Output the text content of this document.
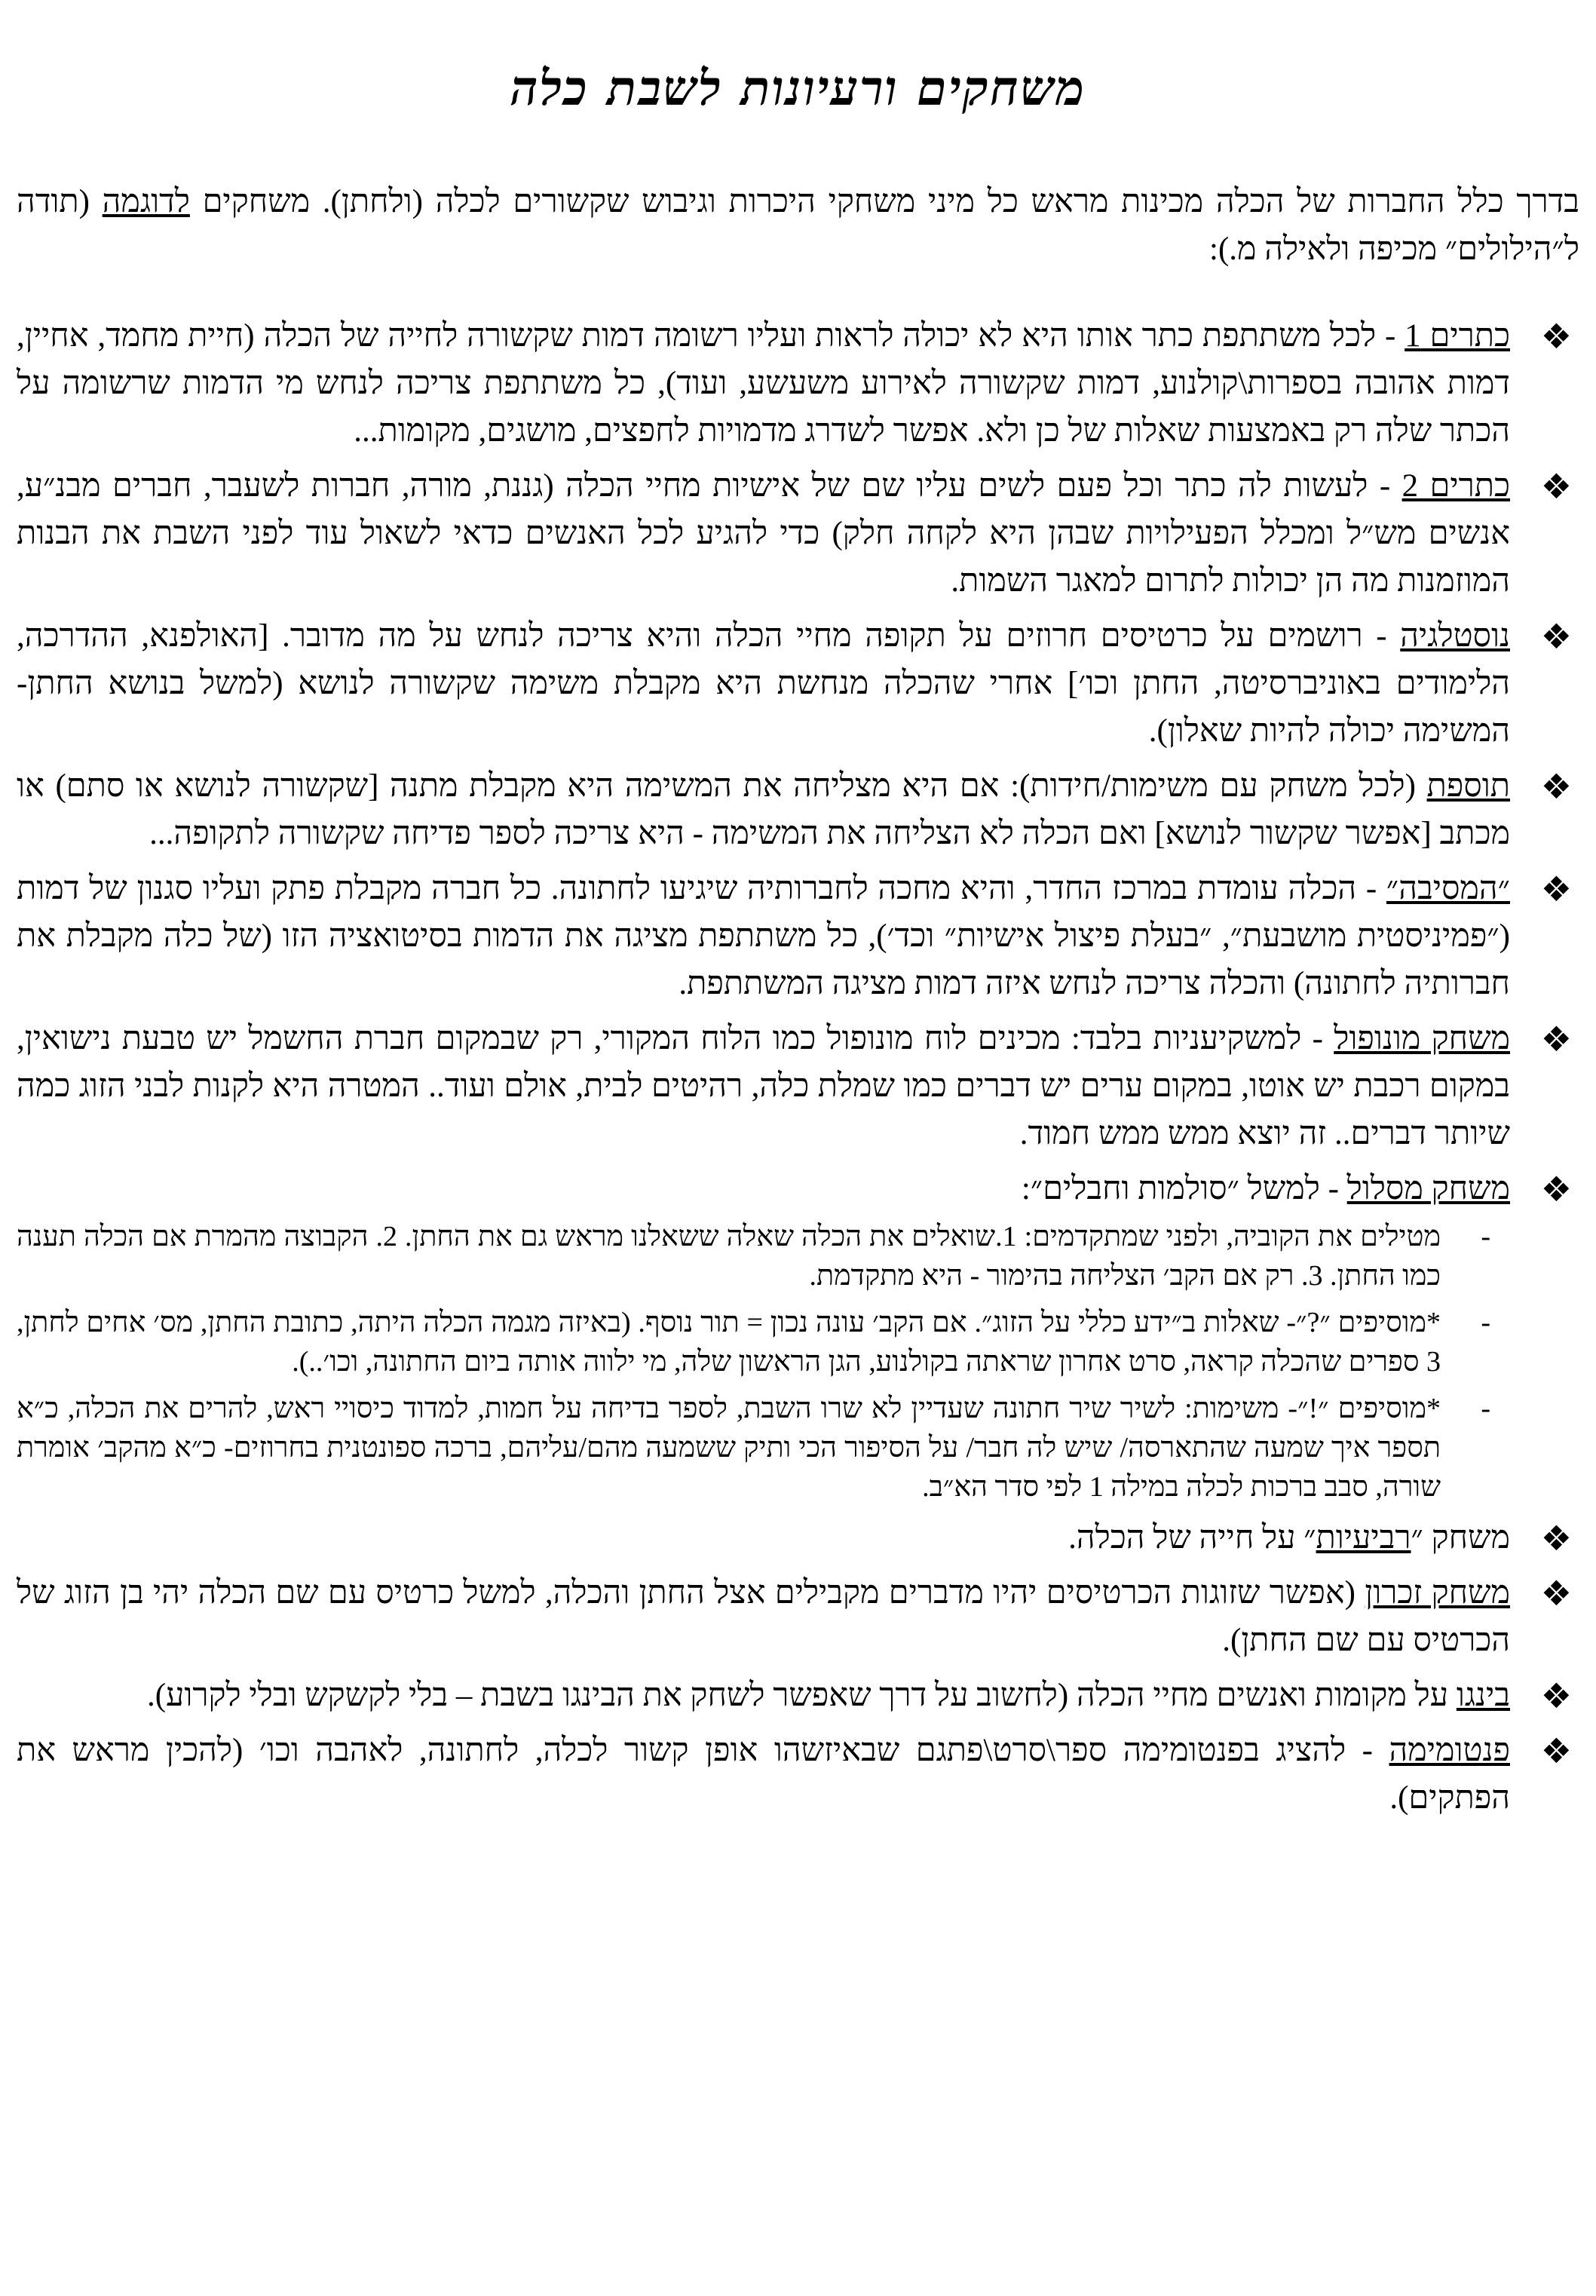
משחקים ורעיונות לשבת כלה

בדרך כלל החברות של הכלה מכינות מראש כל מיני משחקי היכרות וגיבוש שקשורים לכלה (ולחתן). משחקים לדוגמה (תודה ל״הילולים״ מכיפה ולאילה מ.):

❖
כתרים 1 - לכל משתתפת כתר אותו היא לא יכולה לראות ועליו רשומה דמות שקשורה לחייה של הכלה (חיית מחמד, אחיין, דמות אהובה בספרות\קולנוע, דמות שקשורה לאירוע משעשע, ועוד), כל משתתפת צריכה לנחש מי הדמות שרשומה על הכתר שלה רק באמצעות שאלות של כן ולא. אפשר לשדרג מדמויות לחפצים, מושגים, מקומות...
❖
כתרים 2 - לעשות לה כתר וכל פעם לשים עליו שם של אישיות מחיי הכלה (גננת, מורה, חברות לשעבר, חברים מבנ״ע, אנשים מש״ל ומכלל הפעילויות שבהן היא לקחה חלק) כדי להגיע לכל האנשים כדאי לשאול עוד לפני השבת את הבנות המוזמנות מה הן יכולות לתרום למאגר השמות.
❖
נוסטלגיה - רושמים על כרטיסים חרוזים על תקופה מחיי הכלה והיא צריכה לנחש על מה מדובר. [האולפנא, ההדרכה, הלימודים באוניברסיטה, החתן וכו׳] אחרי שהכלה מנחשת היא מקבלת משימה שקשורה לנושא (למשל בנושא החתן- המשימה יכולה להיות שאלון).
❖
תוספת (לכל משחק עם משימות/חידות): אם היא מצליחה את המשימה היא מקבלת מתנה [שקשורה לנושא או סתם) או מכתב [אפשר שקשור לנושא] ואם הכלה לא הצליחה את המשימה - היא צריכה לספר פדיחה שקשורה לתקופה...
❖
״המסיבה״ - הכלה עומדת במרכז החדר, והיא מחכה לחברותיה שיגיעו לחתונה. כל חברה מקבלת פתק ועליו סגנון של דמות (״פמיניסטית מושבעת״, ״בעלת פיצול אישיות״ וכד׳), כל משתתפת מציגה את הדמות בסיטואציה הזו (של כלה מקבלת את חברותיה לחתונה) והכלה צריכה לנחש איזה דמות מציגה המשתתפת.
❖
משחק מונופול - למשקיעניות בלבד: מכינים לוח מונופול כמו הלוח המקורי, רק שבמקום חברת החשמל יש טבעת נישואין, במקום רכבת יש אוטו, במקום ערים יש דברים כמו שמלת כלה, רהיטים לבית, אולם ועוד.. המטרה היא לקנות לבני הזוג כמה שיותר דברים.. זה יוצא ממש ממש חמוד.
❖
משחק מסלול - למשל ״סולמות וחבלים״:
-
מטילים את הקוביה, ולפני שמתקדמים: 1.שואלים את הכלה שאלה ששאלנו מראש גם את החתן. 2. הקבוצה מהמרת אם הכלה תענה כמו החתן. 3. רק אם הקב׳ הצליחה בהימור - היא מתקדמת.
-
*מוסיפים ״?״- שאלות ב״ידע כללי על הזוג״. אם הקב׳ עונה נכון = תור נוסף. (באיזה מגמה הכלה היתה, כתובת החתן, מס׳ אחים לחתן, 3 ספרים שהכלה קראה, סרט אחרון שראתה בקולנוע, הגן הראשון שלה, מי ילווה אותה ביום החתונה, וכו׳..).
-
*מוסיפים ״!״- משימות: לשיר שיר חתונה שעדיין לא שרו השבת, לספר בדיחה על חמות, למדוד כיסויי ראש, להרים את הכלה, כ״א תספר איך שמעה שהתארסה/ שיש לה חבר/ על הסיפור הכי ותיק ששמעה מהם/עליהם, ברכה ספונטנית בחרוזים- כ״א מהקב׳ אומרת שורה, סבב ברכות לכלה במילה 1 לפי סדר הא״ב.
❖
משחק ״רביעיות״ על חייה של הכלה.
❖
משחק זכרון (אפשר שזוגות הכרטיסים יהיו מדברים מקבילים אצל החתן והכלה, למשל כרטיס עם שם הכלה יהי בן הזוג של הכרטיס עם שם החתן).
❖
בינגו על מקומות ואנשים מחיי הכלה (לחשוב על דרך שאפשר לשחק את הבינגו בשבת – בלי לקשקש ובלי לקרוע).
❖
פנטומימה - להציג בפנטומימה ספר\סרט\פתגם שבאיזשהו אופן קשור לכלה, לחתונה, לאהבה וכו׳ (להכין מראש את הפתקים).
